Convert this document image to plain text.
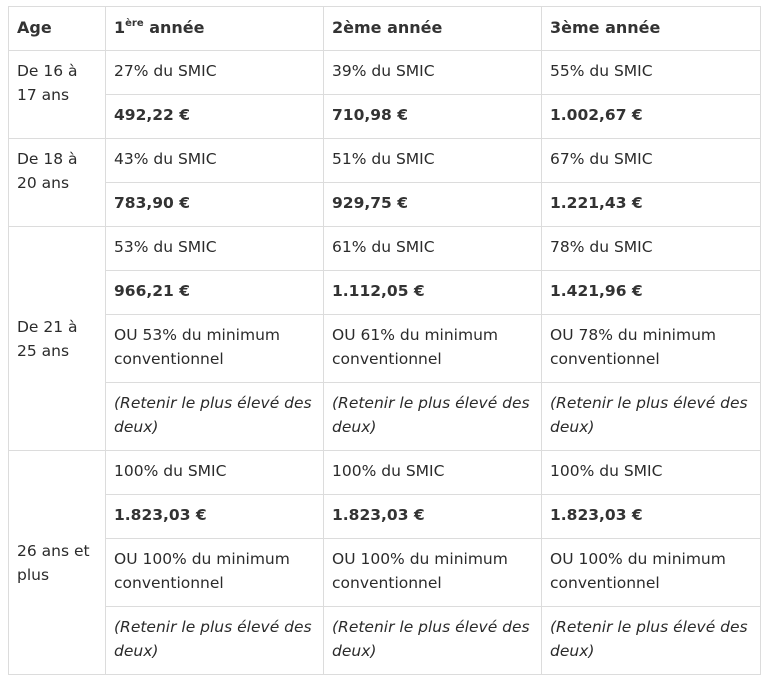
Age	1ère année	2ème année	3ème année
De 16 à 17 ans	27% du SMIC	39% du SMIC	55% du SMIC
	492,22 €	710,98 €	1.002,67 €
De 18 à 20 ans	43% du SMIC	51% du SMIC	67% du SMIC
	783,90 €	929,75 €	1.221,43 €
De 21 à 25 ans	53% du SMIC	61% du SMIC	78% du SMIC
	966,21 €	1.112,05 €	1.421,96 €
	OU 53% du minimum conventionnel	OU 61% du minimum conventionnel	OU 78% du minimum conventionnel
	(Retenir le plus élevé des deux)	(Retenir le plus élevé des deux)	(Retenir le plus élevé des deux)
26 ans et plus	100% du SMIC	100% du SMIC	100% du SMIC
	1.823,03 €	1.823,03 €	1.823,03 €
	OU 100% du minimum conventionnel	OU 100% du minimum conventionnel	OU 100% du minimum conventionnel
	(Retenir le plus élevé des deux)	(Retenir le plus élevé des deux)	(Retenir le plus élevé des deux)
